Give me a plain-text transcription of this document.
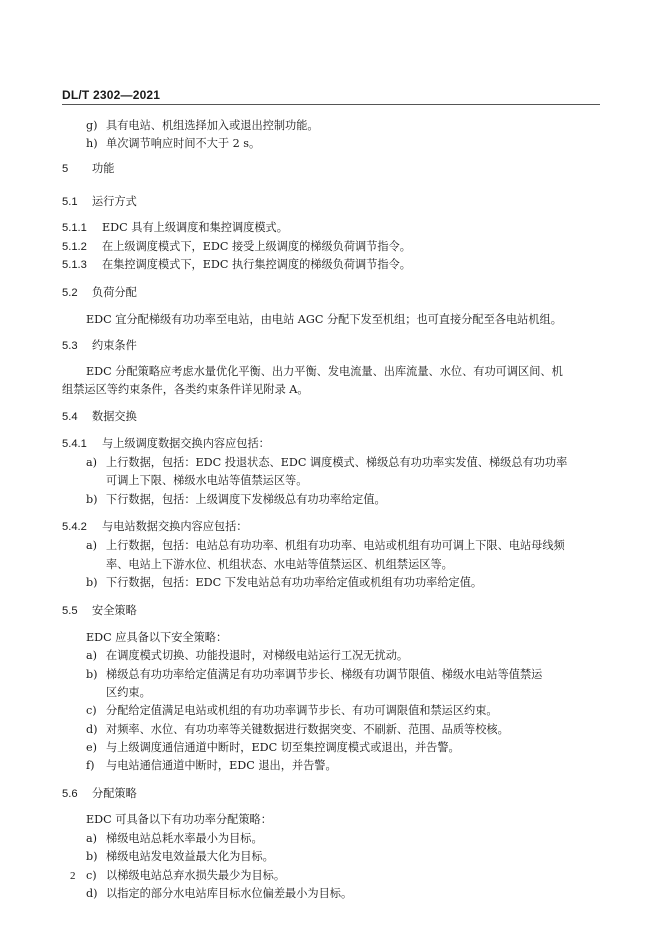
DL/T 2302—2021
g) 具有电站、机组选择加入或退出控制功能。
h) 单次调节响应时间不大于 2 s。
5 功能
5.1 运行方式
5.1.1 EDC 具有上级调度和集控调度模式。
5.1.2 在上级调度模式下，EDC 接受上级调度的梯级负荷调节指令。
5.1.3 在集控调度模式下，EDC 执行集控调度的梯级负荷调节指令。
5.2 负荷分配
EDC 宜分配梯级有功功率至电站，由电站 AGC 分配下发至机组；也可直接分配至各电站机组。
5.3 约束条件
EDC 分配策略应考虑水量优化平衡、出力平衡、发电流量、出库流量、水位、有功可调区间、机
组禁运区等约束条件，各类约束条件详见附录 A。
5.4 数据交换
5.4.1 与上级调度数据交换内容应包括：
a) 上行数据，包括：EDC 投退状态、EDC 调度模式、梯级总有功功率实发值、梯级总有功功率
可调上下限、梯级水电站等值禁运区等。
b) 下行数据，包括：上级调度下发梯级总有功功率给定值。
5.4.2 与电站数据交换内容应包括：
a) 上行数据，包括：电站总有功功率、机组有功功率、电站或机组有功可调上下限、电站母线频
率、电站上下游水位、机组状态、水电站等值禁运区、机组禁运区等。
b) 下行数据，包括：EDC 下发电站总有功功率给定值或机组有功功率给定值。
5.5 安全策略
EDC 应具备以下安全策略：
a) 在调度模式切换、功能投退时，对梯级电站运行工况无扰动。
b) 梯级总有功功率给定值满足有功功率调节步长、梯级有功调节限值、梯级水电站等值禁运
区约束。
c) 分配给定值满足电站或机组的有功功率调节步长、有功可调限值和禁运区约束。
d) 对频率、水位、有功功率等关键数据进行数据突变、不刷新、范围、品质等校核。
e) 与上级调度通信通道中断时，EDC 切至集控调度模式或退出，并告警。
f) 与电站通信通道中断时，EDC 退出，并告警。
5.6 分配策略
EDC 可具备以下有功功率分配策略：
a) 梯级电站总耗水率最小为目标。
b) 梯级电站发电效益最大化为目标。
c) 以梯级电站总弃水损失最少为目标。
d) 以指定的部分水电站库目标水位偏差最小为目标。
2
